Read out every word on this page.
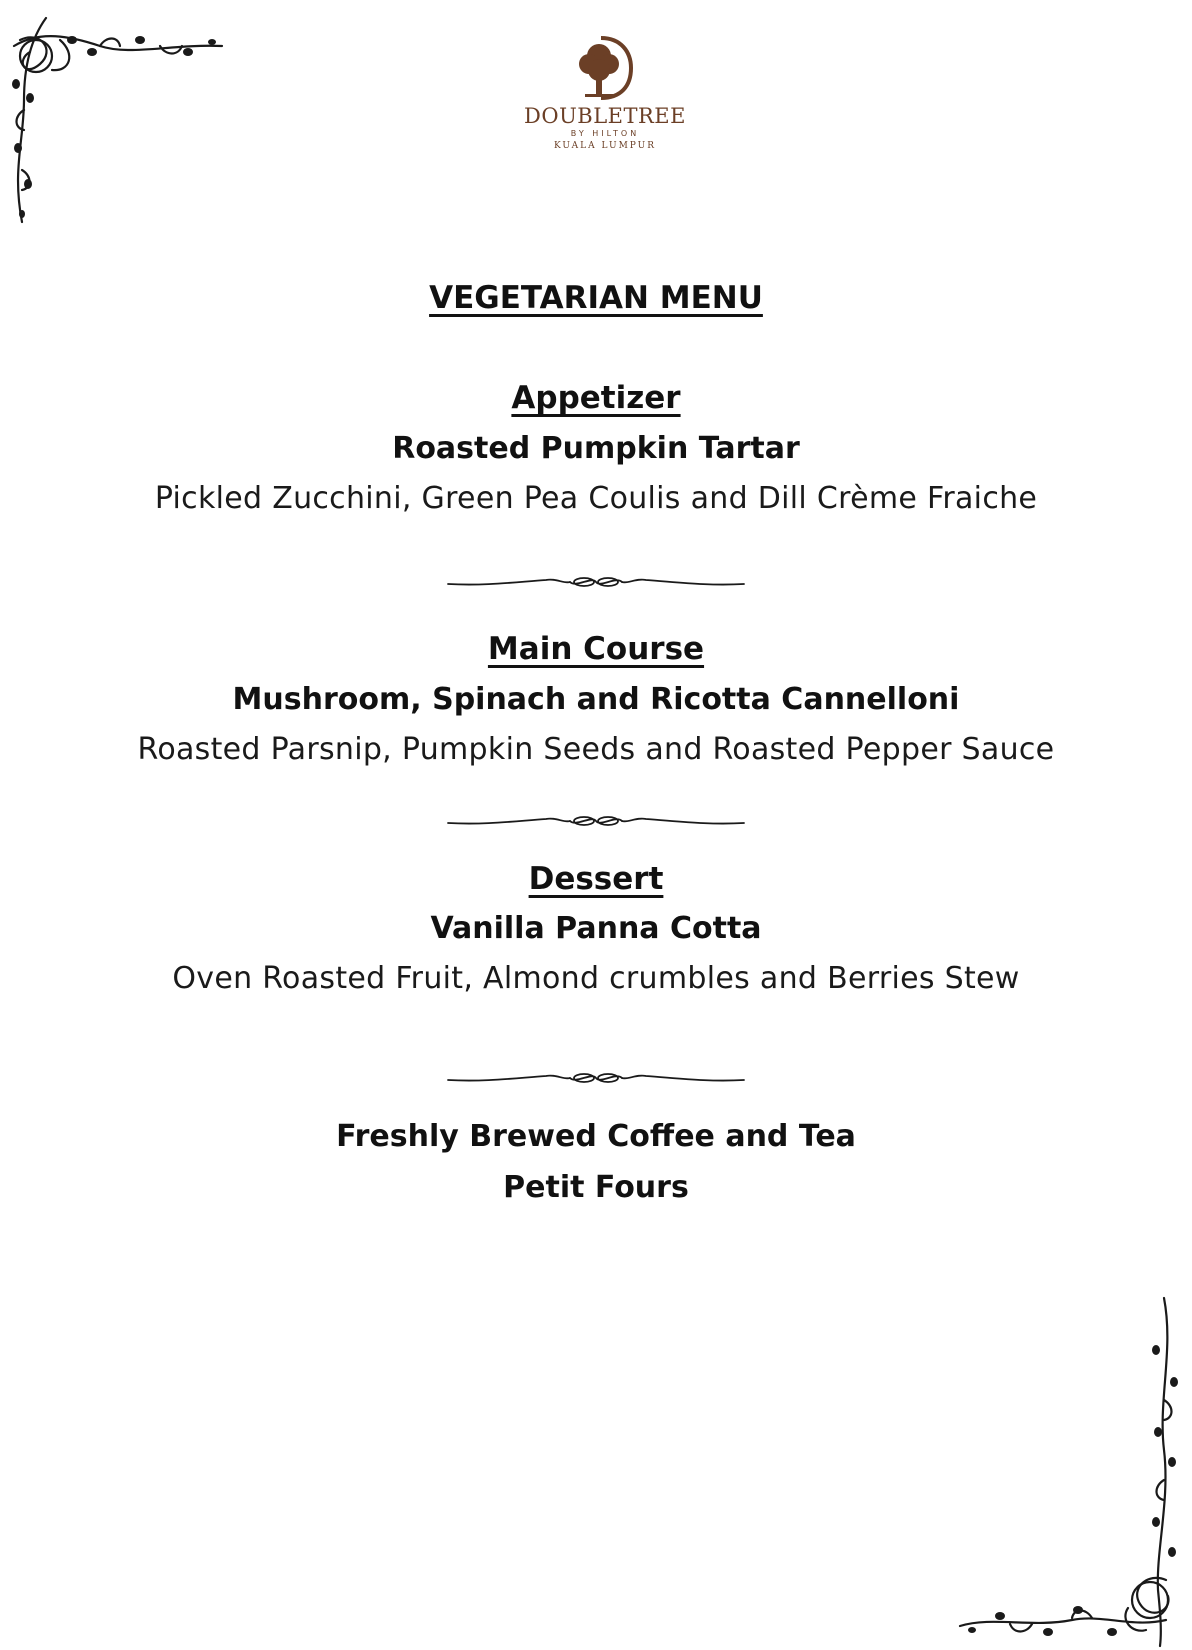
DOUBLETREE
BY HILTON
KUALA LUMPUR
VEGETARIAN MENU
Appetizer
Roasted Pumpkin Tartar
Pickled Zucchini, Green Pea Coulis and Dill Crème Fraiche
Main Course
Mushroom, Spinach and Ricotta Cannelloni
Roasted Parsnip, Pumpkin Seeds and Roasted Pepper Sauce
Dessert
Vanilla Panna Cotta
Oven Roasted Fruit, Almond crumbles and Berries Stew
Freshly Brewed Coffee and Tea
Petit Fours
